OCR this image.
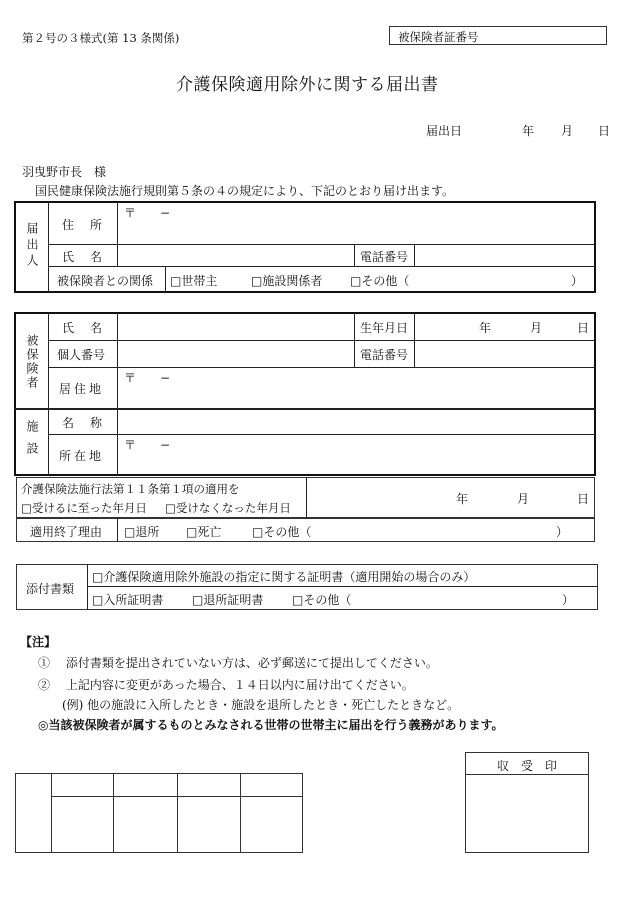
第２号の３様式(第 13 条関係)	被保険者証番号
介護保険適用除外に関する届出書
届出日	年 月 日
羽曳野市長　様
国民健康保険法施行規則第５条の４の規定により、下記のとおり届け出ます。
届出人 住　所
〒　　−
氏　名	電話番号
被保険者との関係 □世帯主	□施設関係者 □その他（	）
被保険者
氏　名	生年月日	年	月	日
個人番号	電話番号
居住地
〒　　−
施設 名　称
所在地
〒　　−
介護保険法施行法第１１条第１項の適用を
□受けるに至った年月日 □受けなくなった年月日
年	月	日
適用終了理由 □退所 □死亡	□その他（	）
添付書類
□介護保険適用除外施設の指定に関する証明書（適用開始の場合のみ）
□入所証明書 □退所証明書 □その他（	）
【注】
①　 添付書類を提出されていない方は、必ず郵送にて提出してください。
②　 上記内容に変更があった場合、１４日以内に届け出てください。
(例) 他の施設に入所したとき・施設を退所したとき・死亡したときなど。
◎当該被保険者が属するものとみなされる世帯の世帯主に届出を行う義務があります。
収　受　印
